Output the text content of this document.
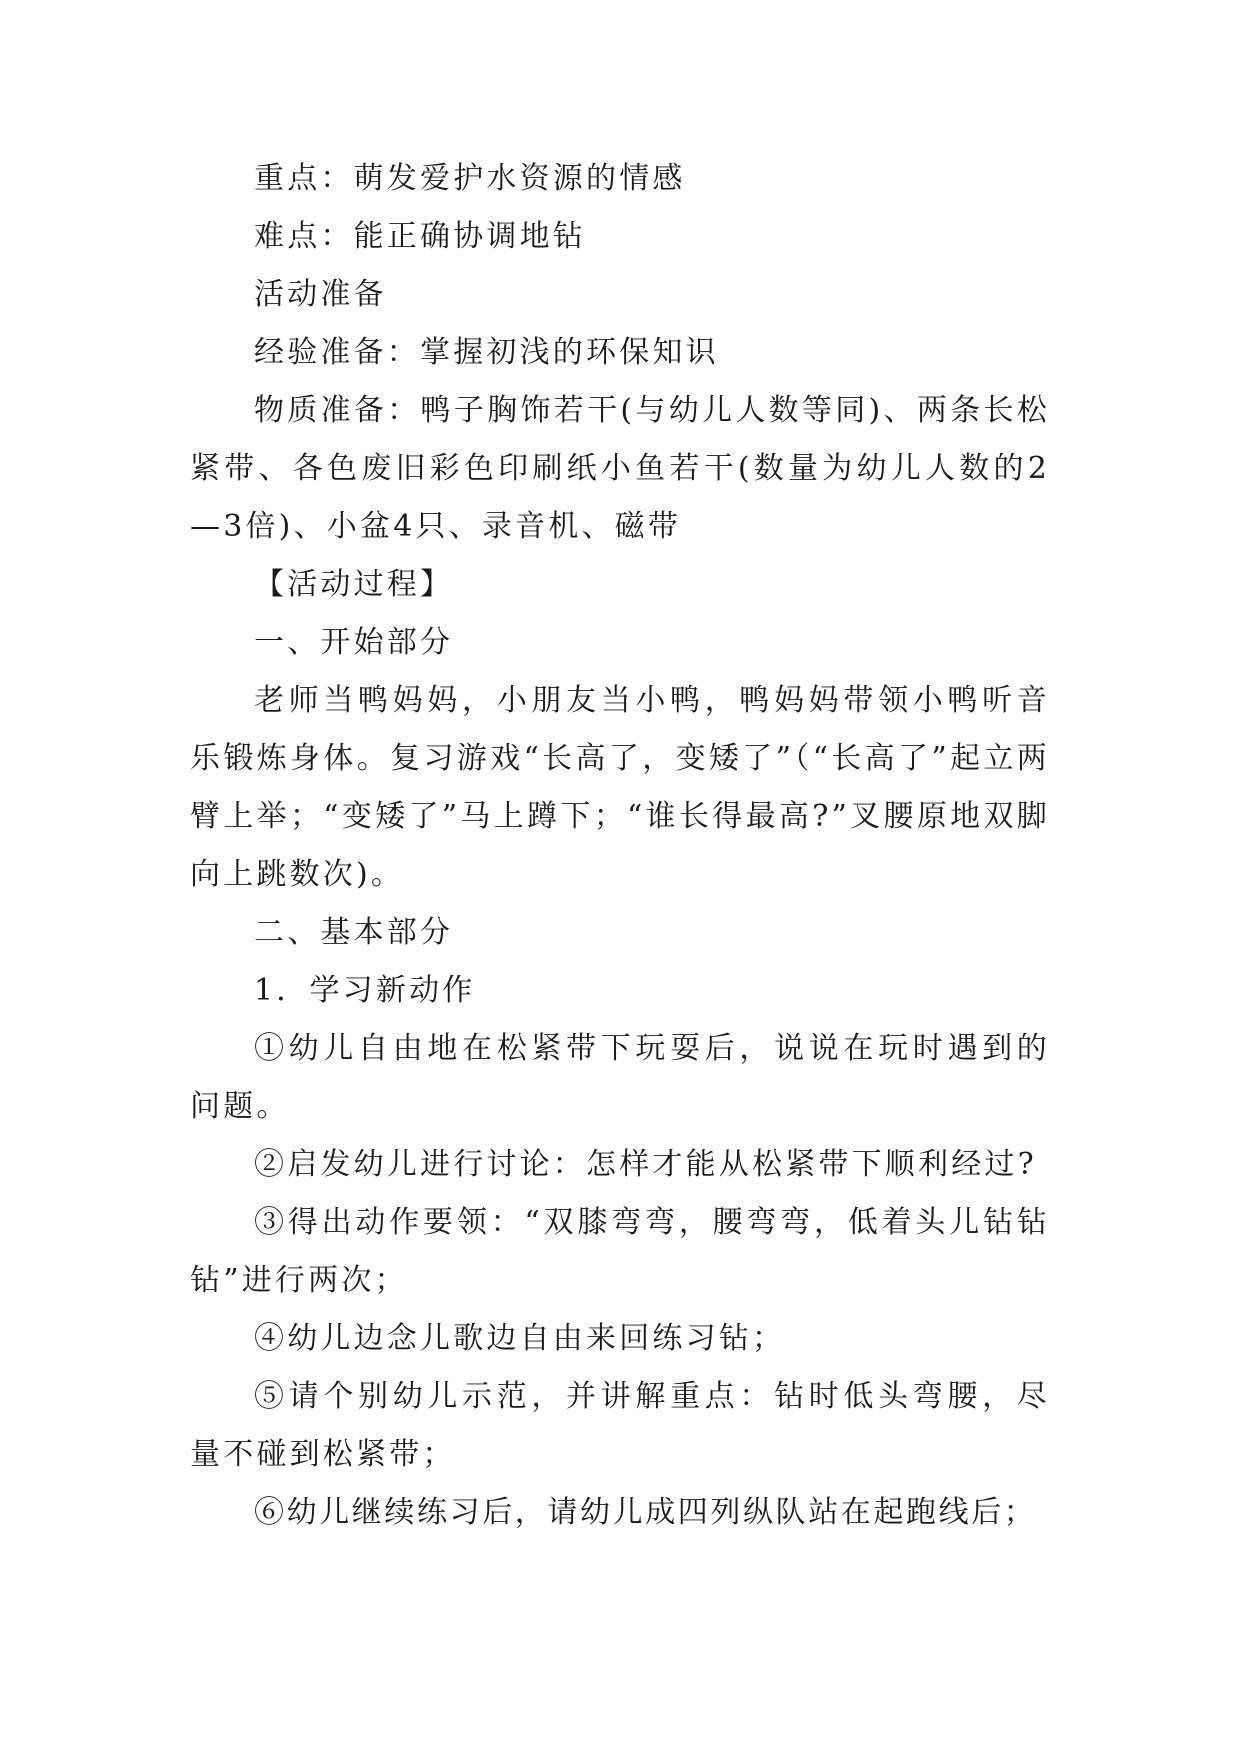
重点：萌发爱护水资源的情感

难点：能正确协调地钻

活动准备

经验准备：掌握初浅的环保知识

物质准备：鸭子胸饰若干(与幼儿人数等同)、两条长松紧带、各色废旧彩色印刷纸小鱼若干(数量为幼儿人数的2—3倍)、小盆4只、录音机、磁带

【活动过程】

一、开始部分

老师当鸭妈妈，小朋友当小鸭，鸭妈妈带领小鸭听音乐锻炼身体。复习游戏“长高了，变矮了”（“长高了”起立两臂上举；“变矮了”马上蹲下；“谁长得最高?”叉腰原地双脚向上跳数次)。

二、基本部分

1．学习新动作

①幼儿自由地在松紧带下玩耍后，说说在玩时遇到的问题。

②启发幼儿进行讨论：怎样才能从松紧带下顺利经过?

③得出动作要领：“双膝弯弯，腰弯弯，低着头儿钻钻钻”进行两次；

④幼儿边念儿歌边自由来回练习钻；

⑤请个别幼儿示范，并讲解重点：钻时低头弯腰，尽量不碰到松紧带；

⑥幼儿继续练习后，请幼儿成四列纵队站在起跑线后；
